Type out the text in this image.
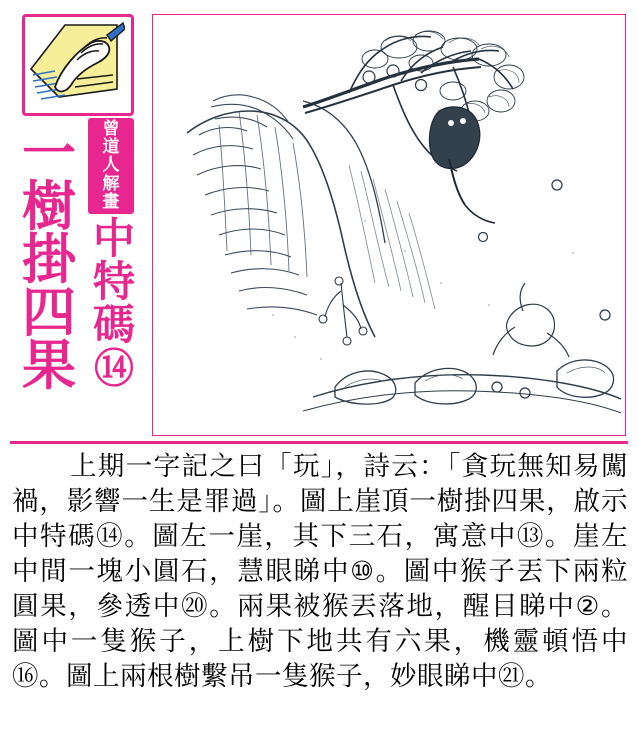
曾
道
人
解
畫
一
樹
掛
四
果
中
特
碼
⑭
上期一字記之曰「玩」，詩云：「貪玩無知易闖禍，影響一生是罪過」。圖上崖頂一樹掛四果，啟示中特碼⑭。圖左一崖，其下三石，寓意中⑬。崖左中間一塊小圓石，慧眼睇中⑩。圖中猴子丟下兩粒圓果，參透中⑳。兩果被猴丟落地，醒目睇中②。圖中一隻猴子，上樹下地共有六果，機靈頓悟中⑯。圖上兩根樹繫吊一隻猴子，妙眼睇中㉑。
